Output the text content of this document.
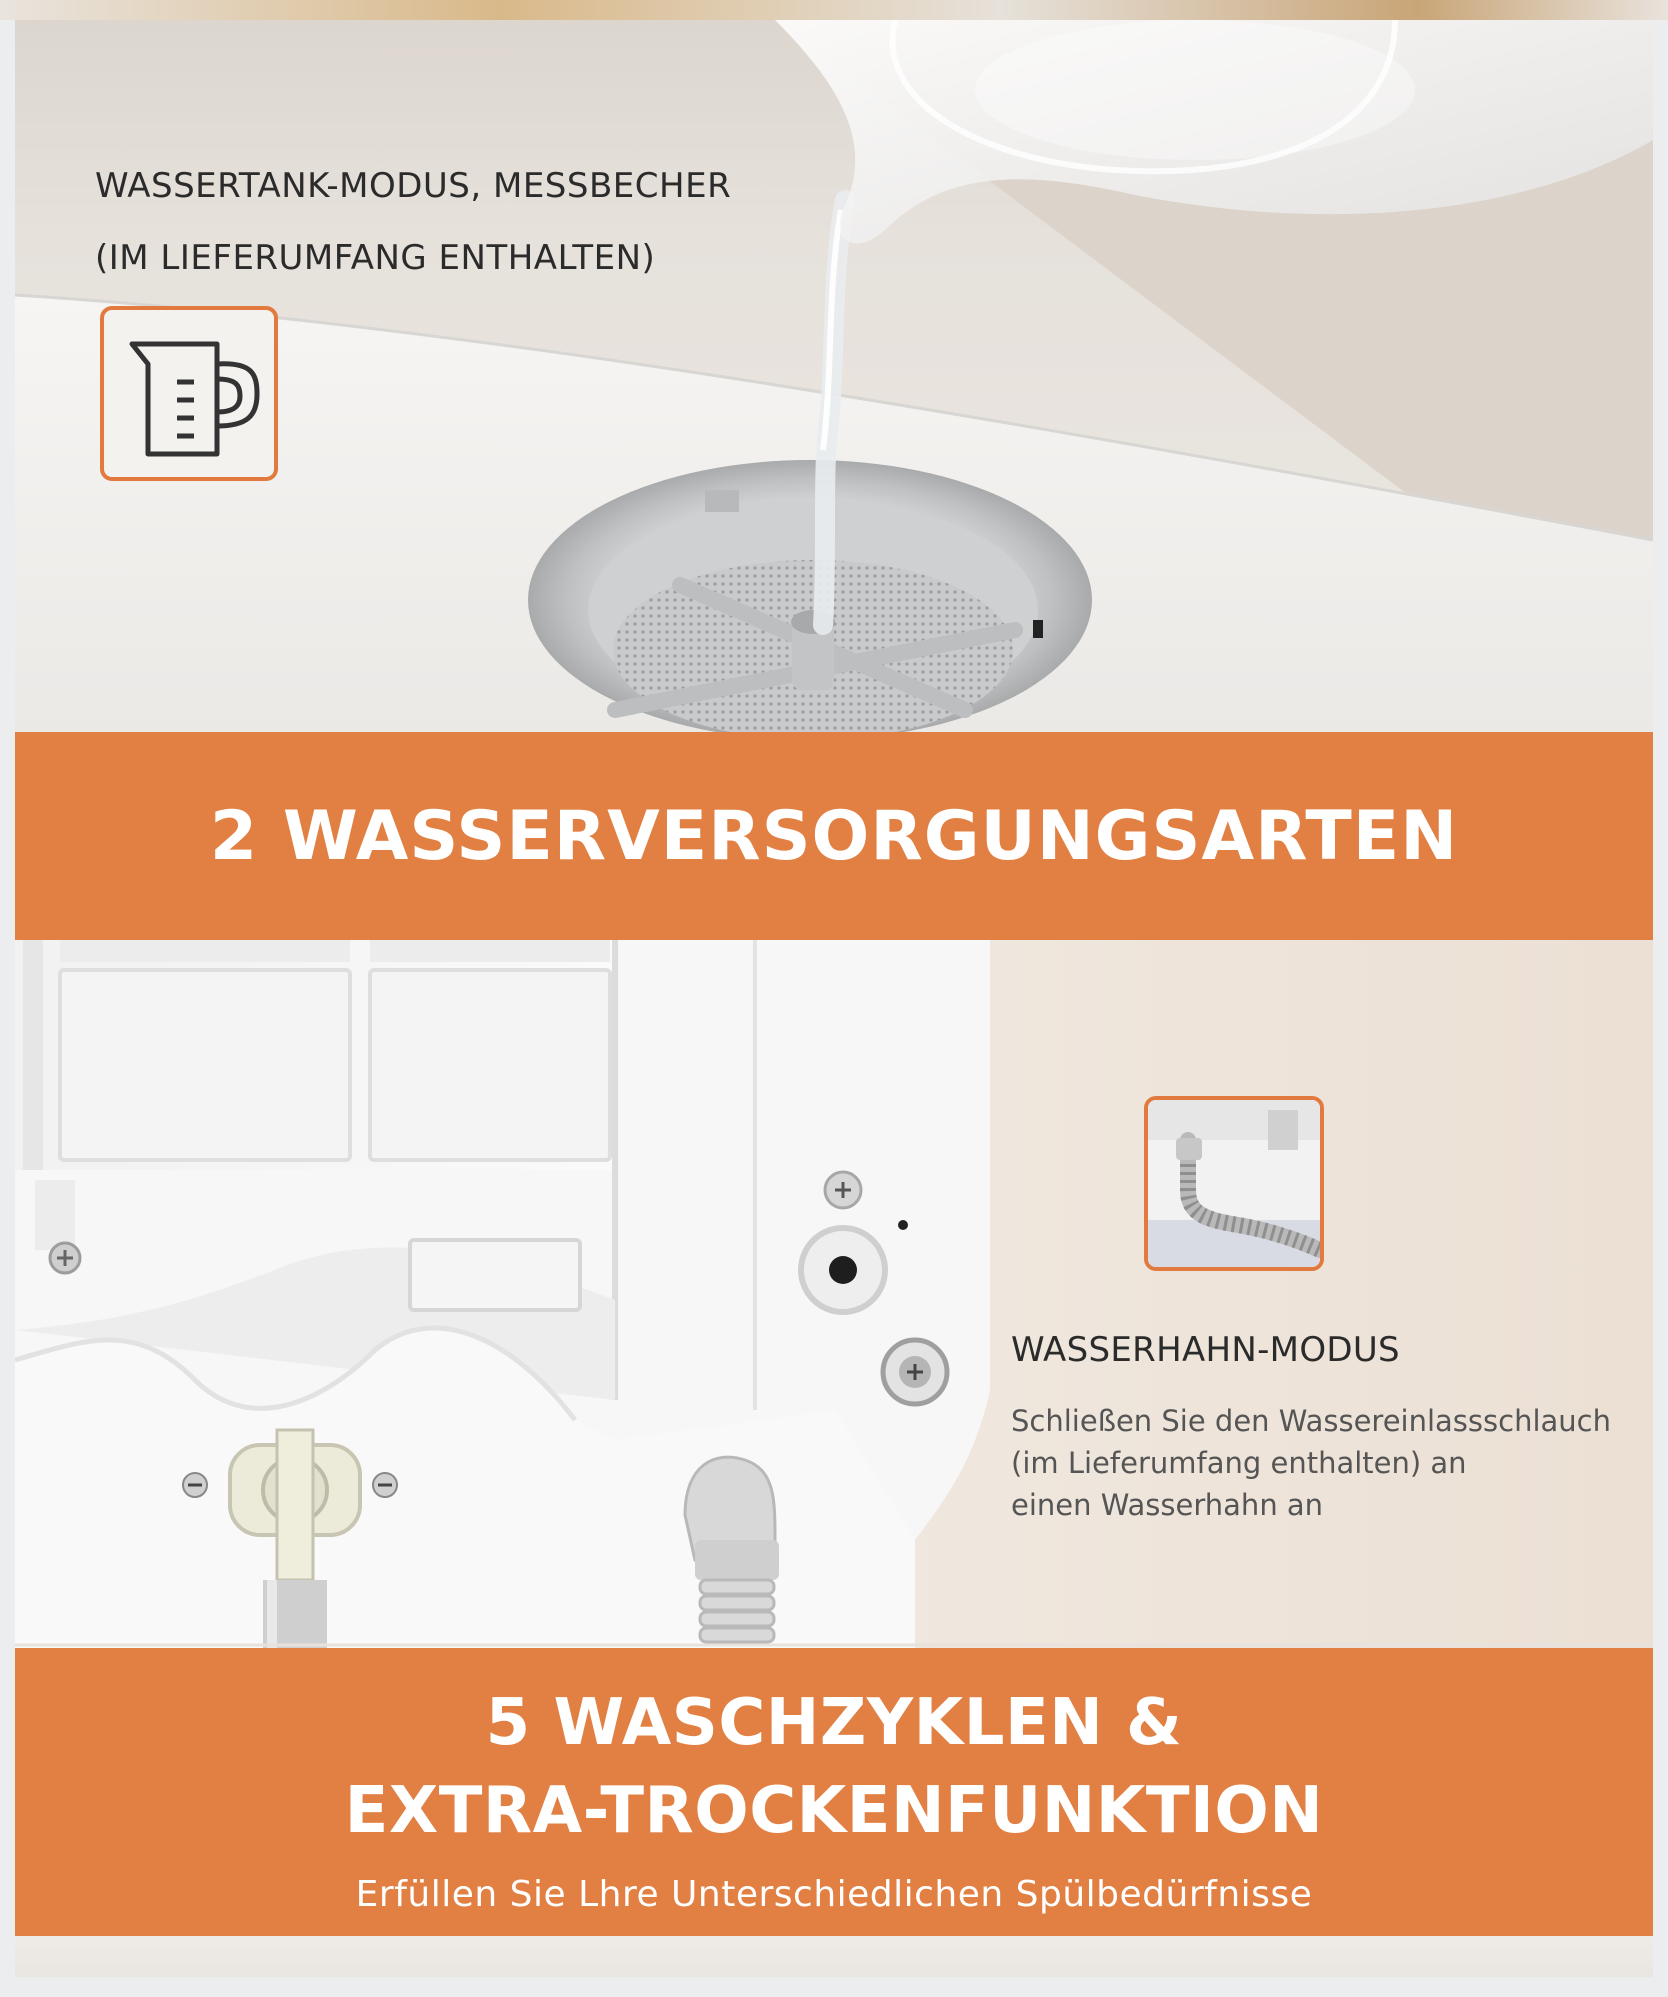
WASSERTANK-MODUS, MESSBECHER
(IM LIEFERUMFANG ENTHALTEN)
2 WASSERVERSORGUNGSARTEN
WASSERHAHN-MODUS
Schließen Sie den Wassereinlassschlauch
(im Lieferumfang enthalten) an
einen Wasserhahn an
5 WASCHZYKLEN &
EXTRA-TROCKENFUNKTION
Erfüllen Sie Lhre Unterschiedlichen Spülbedürfnisse
